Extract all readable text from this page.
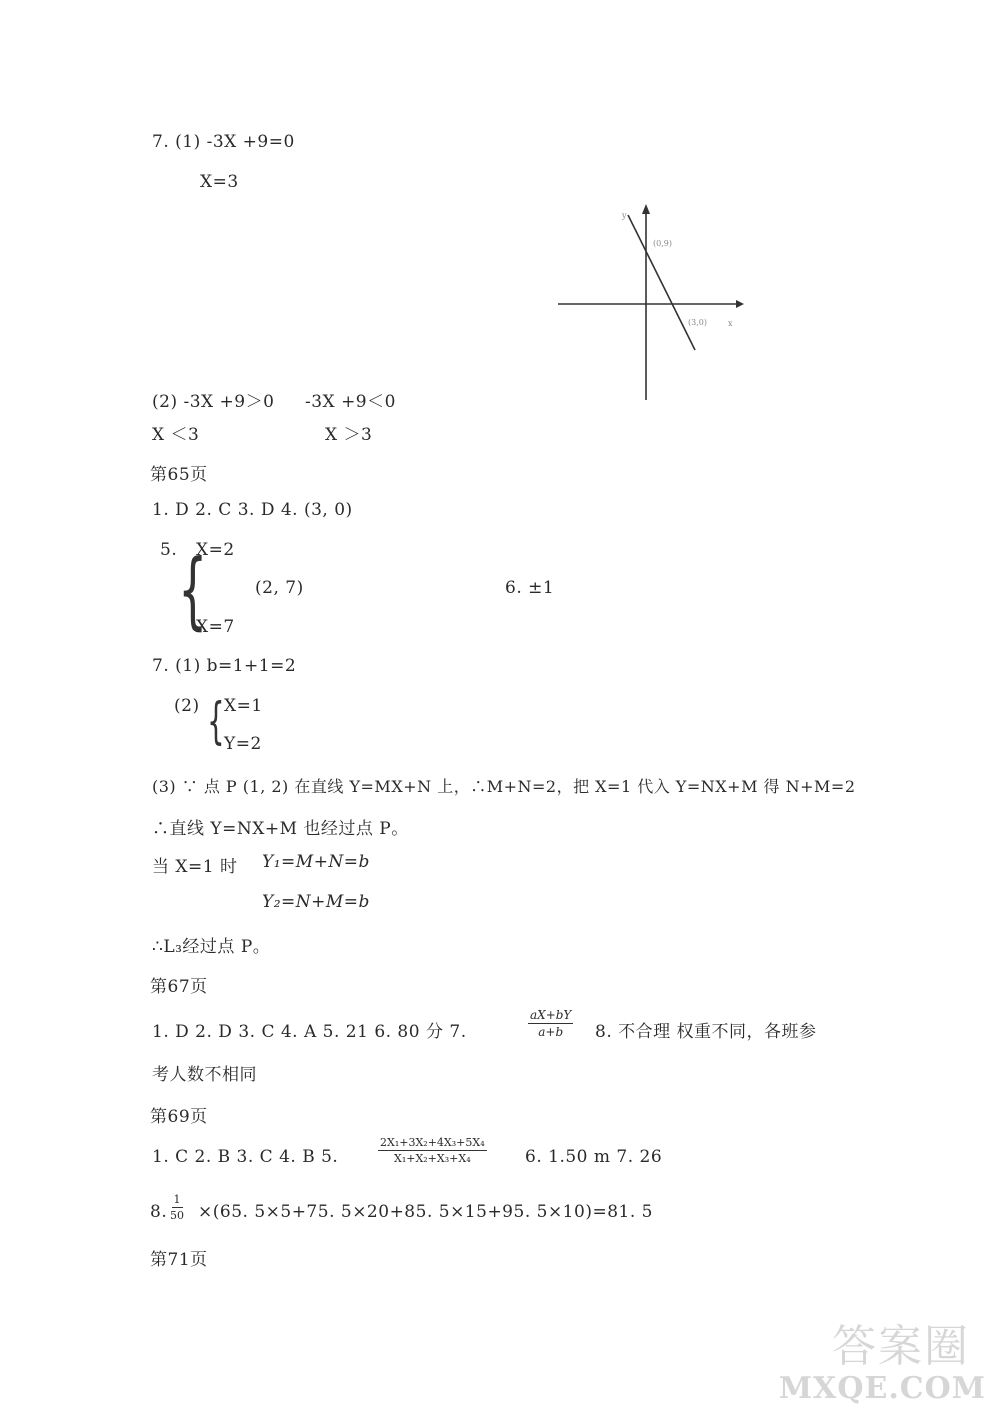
7. (1) -3X +9=0
X=3
(0,9)
(3,0)	x
y
(2) -3X +9＞0 -3X +9＜0
X ＜3	X ＞3
第65页
1. D 2. C 3. D 4. (3, 0)
5. {
X=2
X=7
(2, 7)	6. ±1
7. (1) b=1+1=2
(2) { X=1
Y=2
(3) ∵ 点 P (1, 2) 在直线 Y=MX+N 上，∴M+N=2，把 X=1 代入 Y=NX+M 得 N+M=2
∴直线 Y=NX+M 也经过点 P。
当 X=1 时 Y₁=M+N=b
Y₂=N+M=b
∴L₃经过点 P。
第67页
1. D 2. D 3. C 4. A 5. 21 6. 80 分 7.	$\frac{aX+bY}{a+b} 8$. 不合理 权重不同，各班参
考人数不相同
第69页
1. C 2. B 3. C 4. B 5.	$\frac{\text{2X₁+3X₂+4X₃+5X₄}}{\text{X₁+X₂+X₃+X₄}} 6$. 1.50 m 7. 26
8. $\frac{1}{50} \times(65$. 5×5+75. 5×20+85. 5×15+95. 5×10)=81. 5
第71页
答案圈
MXQE.COM
